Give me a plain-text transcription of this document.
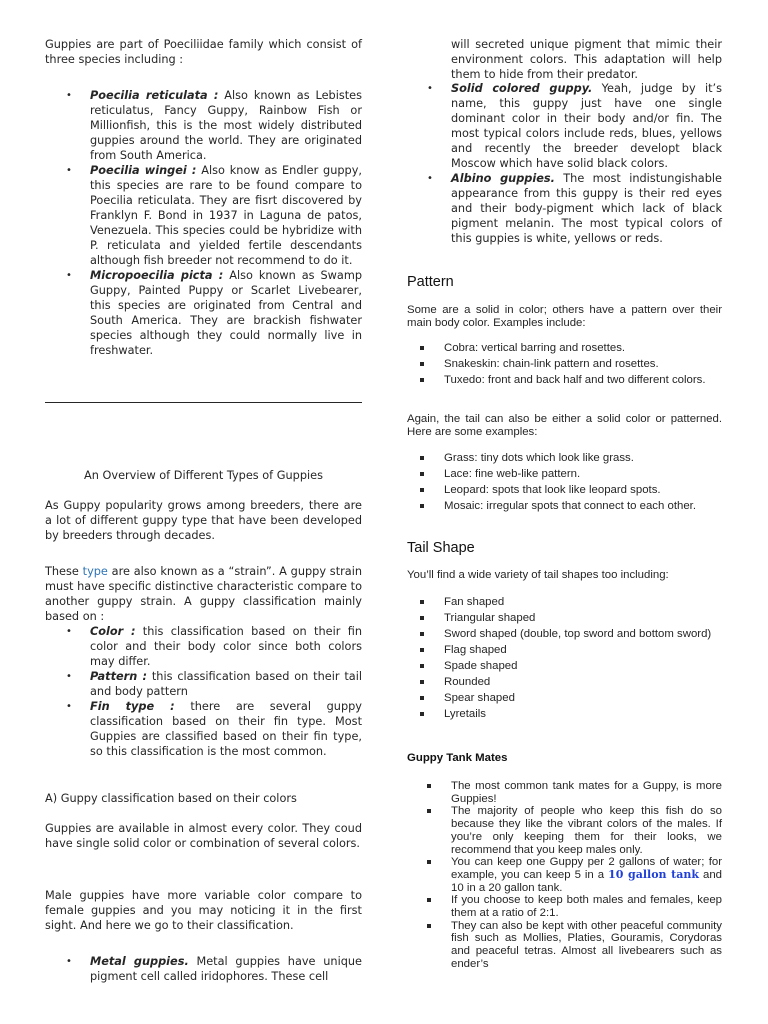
Guppies are part of Poeciliidae family which consist of three species including :

• Poecilia reticulata : Also known as Lebistes reticulatus, Fancy Guppy, Rainbow Fish or Millionfish, this is the most widely distributed guppies around the world. They are originated from South America.
• Poecilia wingei : Also know as Endler guppy, this species are rare to be found compare to Poecilia reticulata. They are fisrt discovered by Franklyn F. Bond in 1937 in Laguna de patos, Venezuela. This species could be hybridize with P. reticulata and yielded fertile descendants although fish breeder not recommend to do it.
• Micropoecilia picta : Also known as Swamp Guppy, Painted Puppy or Scarlet Livebearer, this species are originated from Central and South America. They are brackish fishwater species although they could normally live in freshwater.

An Overview of Different Types of Guppies

As Guppy popularity grows among breeders, there are a lot of different guppy type that have been developed by breeders through decades.

These type are also known as a “strain”. A guppy strain must have specific distinctive characteristic compare to another guppy strain. A guppy classification mainly based on :

• Color : this classification based on their fin color and their body color since both colors may differ.
• Pattern : this classification based on their tail and body pattern
• Fin type : there are several guppy classification based on their fin type. Most Guppies are classified based on their fin type, so this classification is the most common.

A) Guppy classification based on their colors

Guppies are available in almost every color. They coud have single solid color or combination of several colors.

Male guppies have more variable color compare to female guppies and you may noticing it in the first sight. And here we go to their classification.

• Metal guppies. Metal guppies have unique pigment cell called iridophores. These cell

will secreted unique pigment that mimic their environment colors. This adaptation will help them to hide from their predator.

• Solid colored guppy. Yeah, judge by it’s name, this guppy just have one single dominant color in their body and/or fin. The most typical colors include reds, blues, yellows and recently the breeder developt black Moscow which have solid black colors.
• Albino guppies. The most indistungishable appearance from this guppy is their red eyes and their body-pigment which lack of black pigment melanin. The most typical colors of this guppies is white, yellows or reds.
Pattern

Some are a solid in color; others have a pattern over their main body color. Examples include:

Cobra: vertical barring and rosettes.
Snakeskin: chain-link pattern and rosettes.
Tuxedo: front and back half and two different colors.

Again, the tail can also be either a solid color or patterned. Here are some examples:

Grass: tiny dots which look like grass.
Lace: fine web-like pattern.
Leopard: spots that look like leopard spots.
Mosaic: irregular spots that connect to each other.
Tail Shape

You’ll find a wide variety of tail shapes too including:

Fan shaped
Triangular shaped
Sword shaped (double, top sword and bottom sword)
Flag shaped
Spade shaped
Rounded
Spear shaped
Lyretails
Guppy Tank Mates
The most common tank mates for a Guppy, is more Guppies!
The majority of people who keep this fish do so because they like the vibrant colors of the males. If you’re only keeping them for their looks, we recommend that you keep males only.
You can keep one Guppy per 2 gallons of water; for example, you can keep 5 in a 10 gallon tank and 10 in a 20 gallon tank.
If you choose to keep both males and females, keep them at a ratio of 2:1.
They can also be kept with other peaceful community fish such as Mollies, Platies, Gouramis, Corydoras and peaceful tetras. Almost all livebearers such as ender’s
